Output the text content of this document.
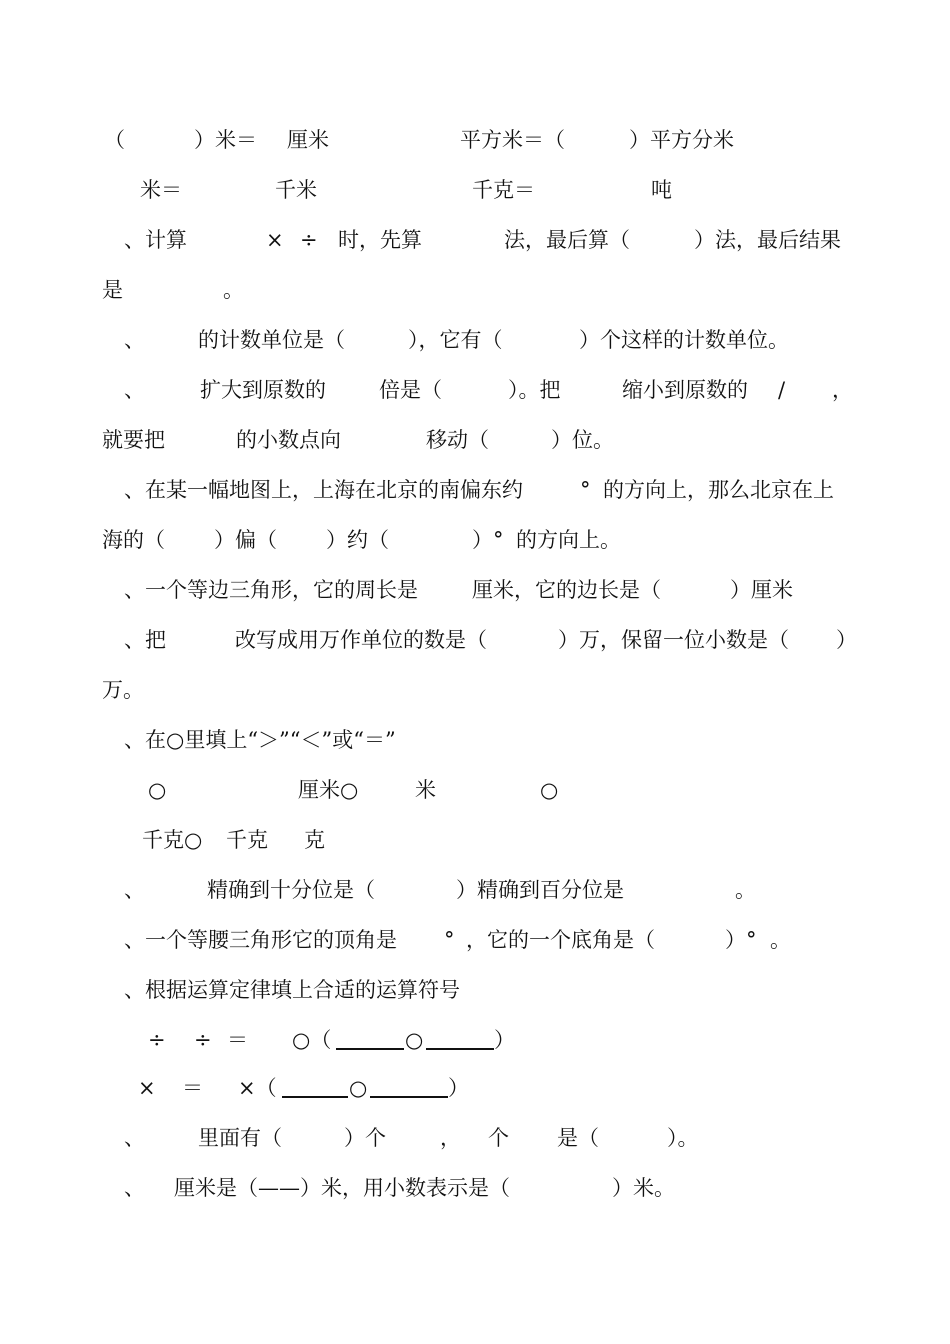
（	）米＝ 厘米	平方米＝（	）平方分米
米＝	千米	千克＝	吨
、计算	× ÷ 时，先算	法，最后算（	）法，最后结果
是	。
、	的计数单位是（	），它有（	）个这样的计数单位。
、	扩大到原数的	倍是（	）。把	缩小到原数的 / ，
就要把	的小数点向	移动（	）位。
、在某一幅地图上，上海在北京的南偏东约	° 的方向上，那么北京在上
海的（ ）偏（ ）约（	）° 的方向上。
、一个等边三角形，它的周长是	厘米，它的边长是（	）厘米
、把	改写成用万作单位的数是（	）万，保留一位小数是（ ）
万。
、在○里填上“＞”“＜”或“＝”
○	厘米○	米	○
千克○ 千克 克
、	精确到十分位是（	）精确到百分位是	。
、一个等腰三角形它的顶角是 ° ，它的一个底角是（	）° 。
、根据运算定律填上合适的运算符号
÷ ÷ ＝ ○（	○	）
× ＝ ×（	○	）
、	里面有（	）个	， 个 是（	）。
、 厘米是（——）米，用小数表示是（	）米。
